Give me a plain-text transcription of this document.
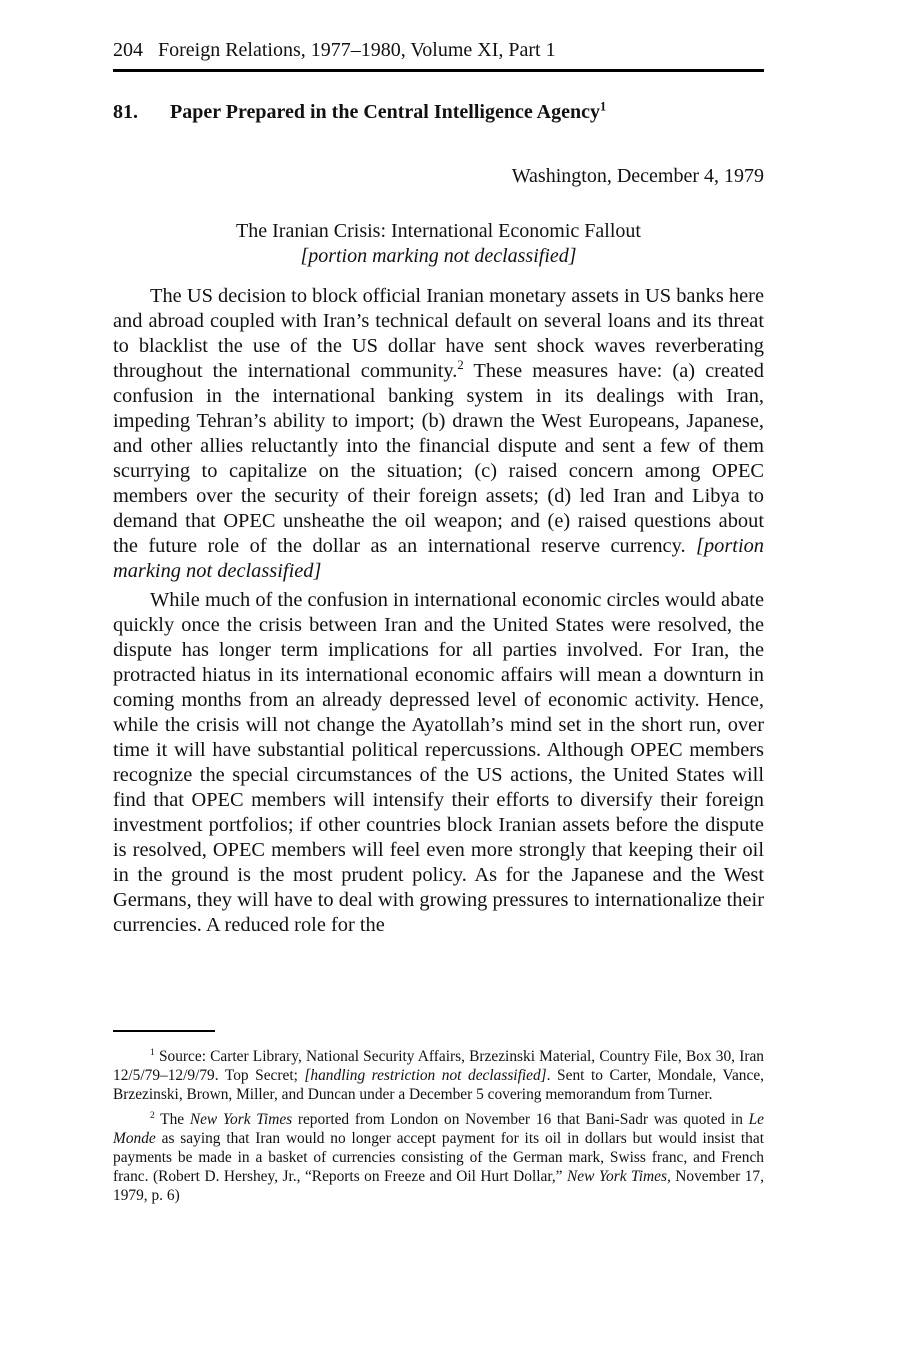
204 Foreign Relations, 1977–1980, Volume XI, Part 1
81. Paper Prepared in the Central Intelligence Agency$^1$
Washington, December 4, 1979
The Iranian Crisis: International Economic Fallout
[portion marking not declassified]

The US decision to block official Iranian monetary assets in US banks here and abroad coupled with Iran’s technical default on several loans and its threat to blacklist the use of the US dollar have sent shock waves reverberating throughout the international community.$^2$ These measures have: (a) created confusion in the international banking system in its dealings with Iran, impeding Tehran’s ability to import; (b) drawn the West Europeans, Japanese, and other allies reluctantly into the financial dispute and sent a few of them scurrying to capitalize on the situation; (c) raised concern among OPEC members over the security of their foreign assets; (d) led Iran and Libya to demand that OPEC unsheathe the oil weapon; and (e) raised questions about the future role of the dollar as an international reserve currency. [portion marking not declassified]

While much of the confusion in international economic circles would abate quickly once the crisis between Iran and the United States were resolved, the dispute has longer term implications for all parties involved. For Iran, the protracted hiatus in its international economic affairs will mean a downturn in coming months from an already depressed level of economic activity. Hence, while the crisis will not change the Ayatollah’s mind set in the short run, over time it will have substantial political repercussions. Although OPEC members recognize the special circumstances of the US actions, the United States will find that OPEC members will intensify their efforts to diversify their foreign investment portfolios; if other countries block Iranian assets before the dispute is resolved, OPEC members will feel even more strongly that keeping their oil in the ground is the most prudent policy. As for the Japanese and the West Germans, they will have to deal with growing pressures to internationalize their currencies. A reduced role for the

$^1$ Source: Carter Library, National Security Affairs, Brzezinski Material, Country File, Box 30, Iran 12/5/79–12/9/79. Top Secret; [handling restriction not declassified]. Sent to Carter, Mondale, Vance, Brzezinski, Brown, Miller, and Duncan under a December 5 covering memorandum from Turner.

$^2$ The New York Times reported from London on November 16 that Bani-Sadr was quoted in Le Monde as saying that Iran would no longer accept payment for its oil in dollars but would insist that payments be made in a basket of currencies consisting of the German mark, Swiss franc, and French franc. (Robert D. Hershey, Jr., “Reports on Freeze and Oil Hurt Dollar,” New York Times, November 17, 1979, p. 6)
